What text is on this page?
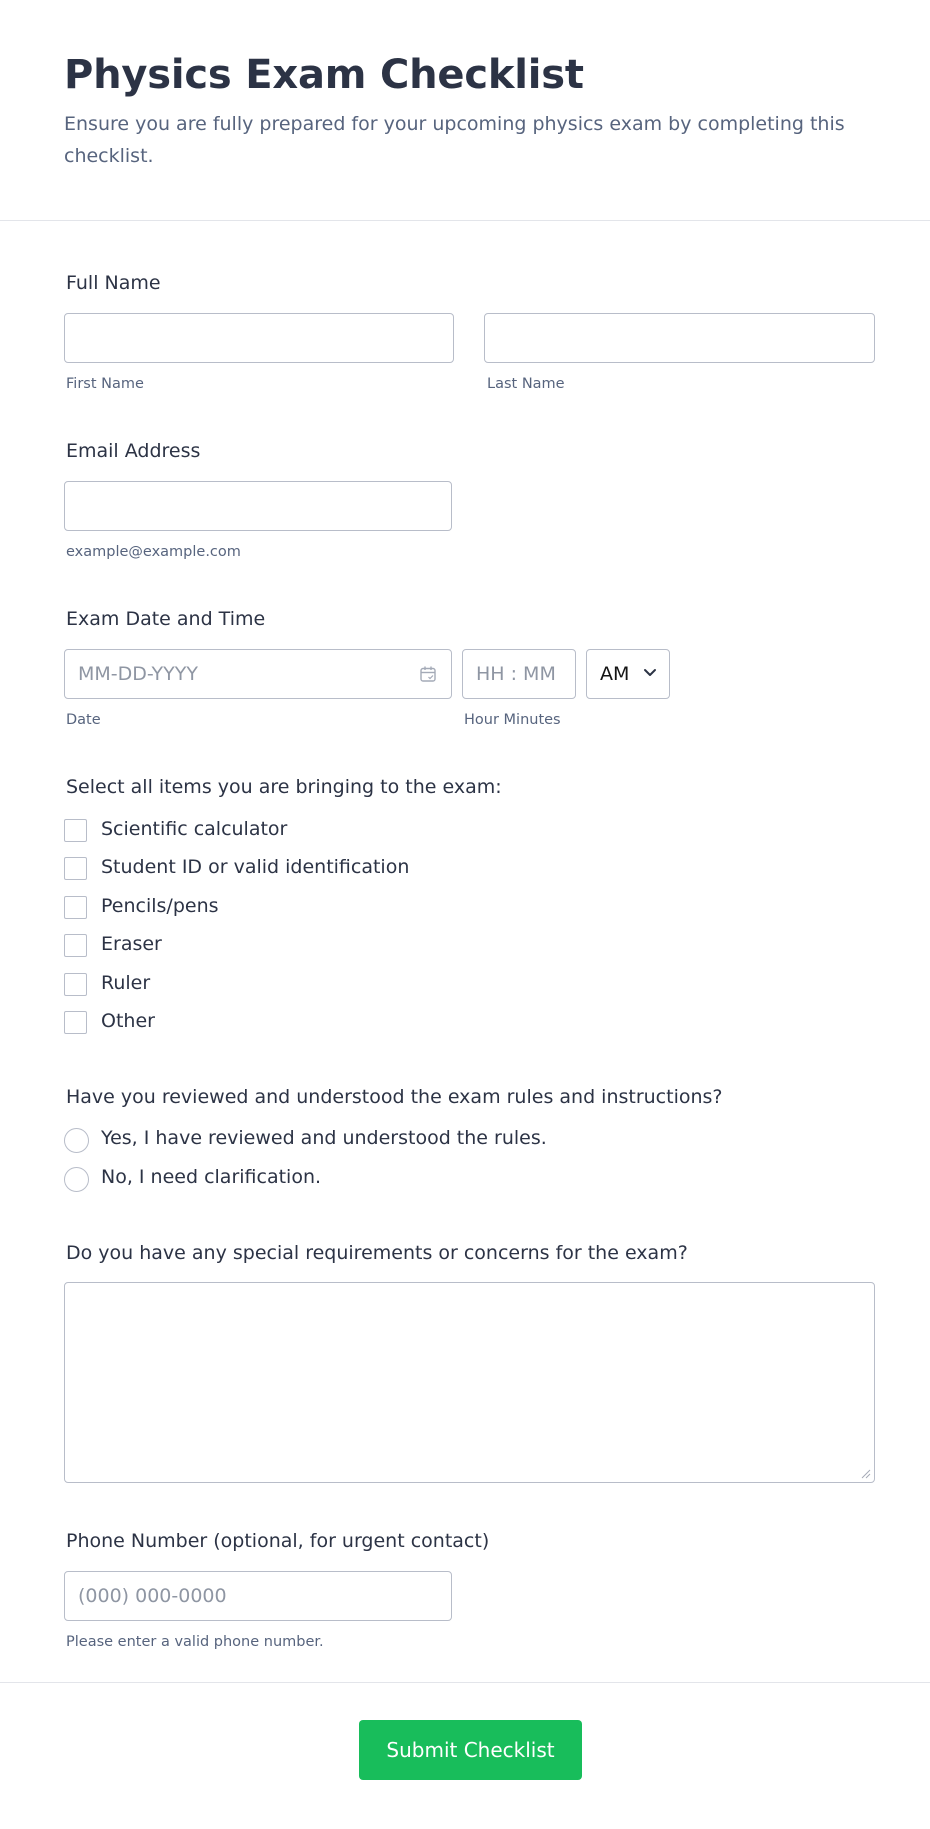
Physics Exam Checklist
Ensure you are fully prepared for your upcoming physics exam by completing this checklist.
Full Name
First Name	Last Name
Email Address
example@example.com
Exam Date and Time
MM-DD-YYYY	HH : MM	AM
Date	Hour Minutes
Select all items you are bringing to the exam:
Scientific calculator
Student ID or valid identification
Pencils/pens
Eraser
Ruler
Other
Have you reviewed and understood the exam rules and instructions?
Yes, I have reviewed and understood the rules.
No, I need clarification.
Do you have any special requirements or concerns for the exam?
Phone Number (optional, for urgent contact)
(000) 000-0000
Please enter a valid phone number.
Submit Checklist
